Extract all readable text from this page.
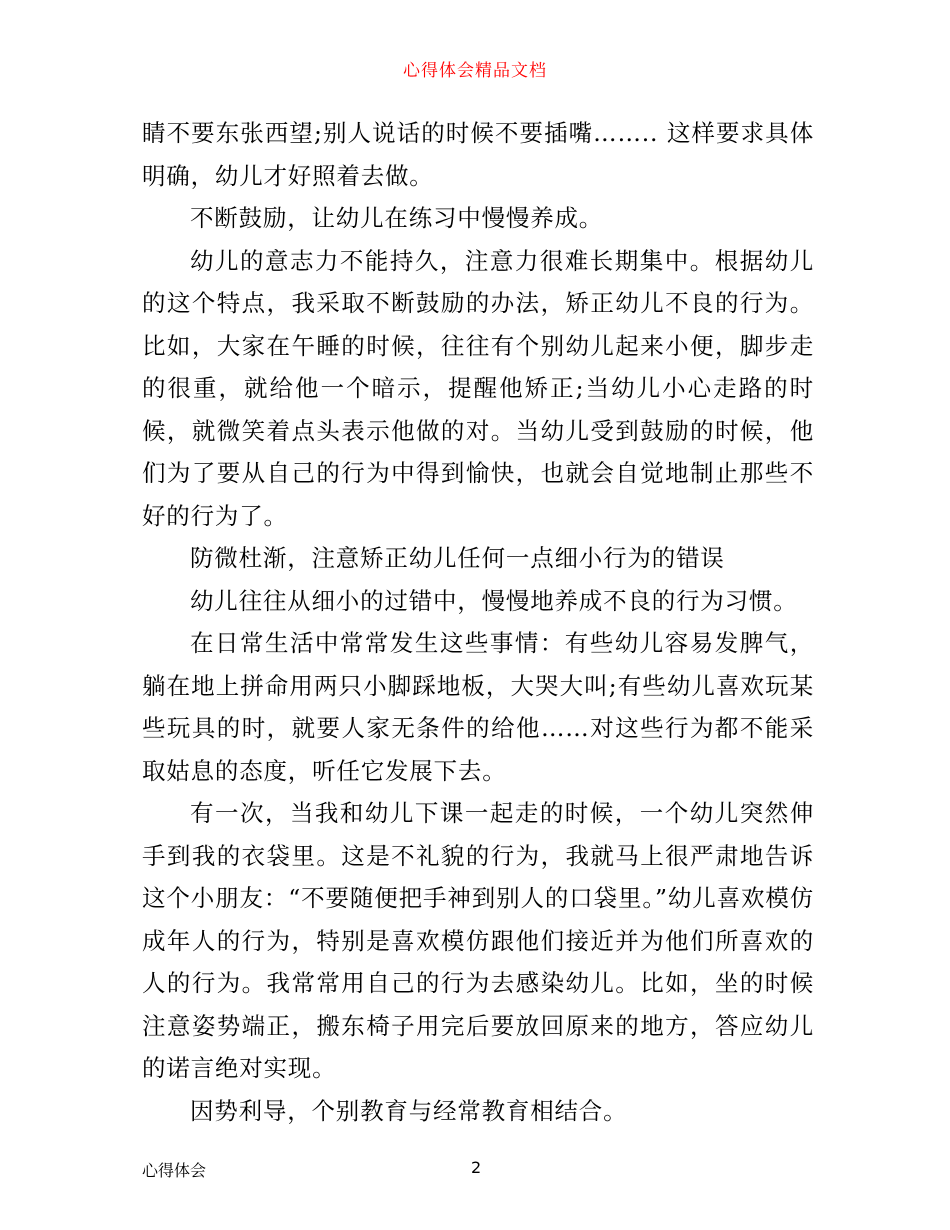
心得体会精品文档

睛不要东张西望;别人说话的时候不要插嘴…….. 这样要求具体明确，幼儿才好照着去做。

不断鼓励，让幼儿在练习中慢慢养成。

幼儿的意志力不能持久，注意力很难长期集中。根据幼儿的这个特点，我采取不断鼓励的办法，矫正幼儿不良的行为。比如，大家在午睡的时候，往往有个别幼儿起来小便，脚步走的很重，就给他一个暗示，提醒他矫正;当幼儿小心走路的时候，就微笑着点头表示他做的对。当幼儿受到鼓励的时候，他们为了要从自己的行为中得到愉快，也就会自觉地制止那些不好的行为了。

防微杜渐，注意矫正幼儿任何一点细小行为的错误

幼儿往往从细小的过错中，慢慢地养成不良的行为习惯。

在日常生活中常常发生这些事情：有些幼儿容易发脾气，躺在地上拼命用两只小脚踩地板，大哭大叫;有些幼儿喜欢玩某些玩具的时，就要人家无条件的给他……对这些行为都不能采取姑息的态度，听任它发展下去。

有一次，当我和幼儿下课一起走的时候，一个幼儿突然伸手到我的衣袋里。这是不礼貌的行为，我就马上很严肃地告诉这个小朋友：“不要随便把手神到别人的口袋里。”幼儿喜欢模仿成年人的行为，特别是喜欢模仿跟他们接近并为他们所喜欢的人的行为。我常常用自己的行为去感染幼儿。比如，坐的时候注意姿势端正，搬东椅子用完后要放回原来的地方，答应幼儿的诺言绝对实现。

因势利导，个别教育与经常教育相结合。

心得体会	2
